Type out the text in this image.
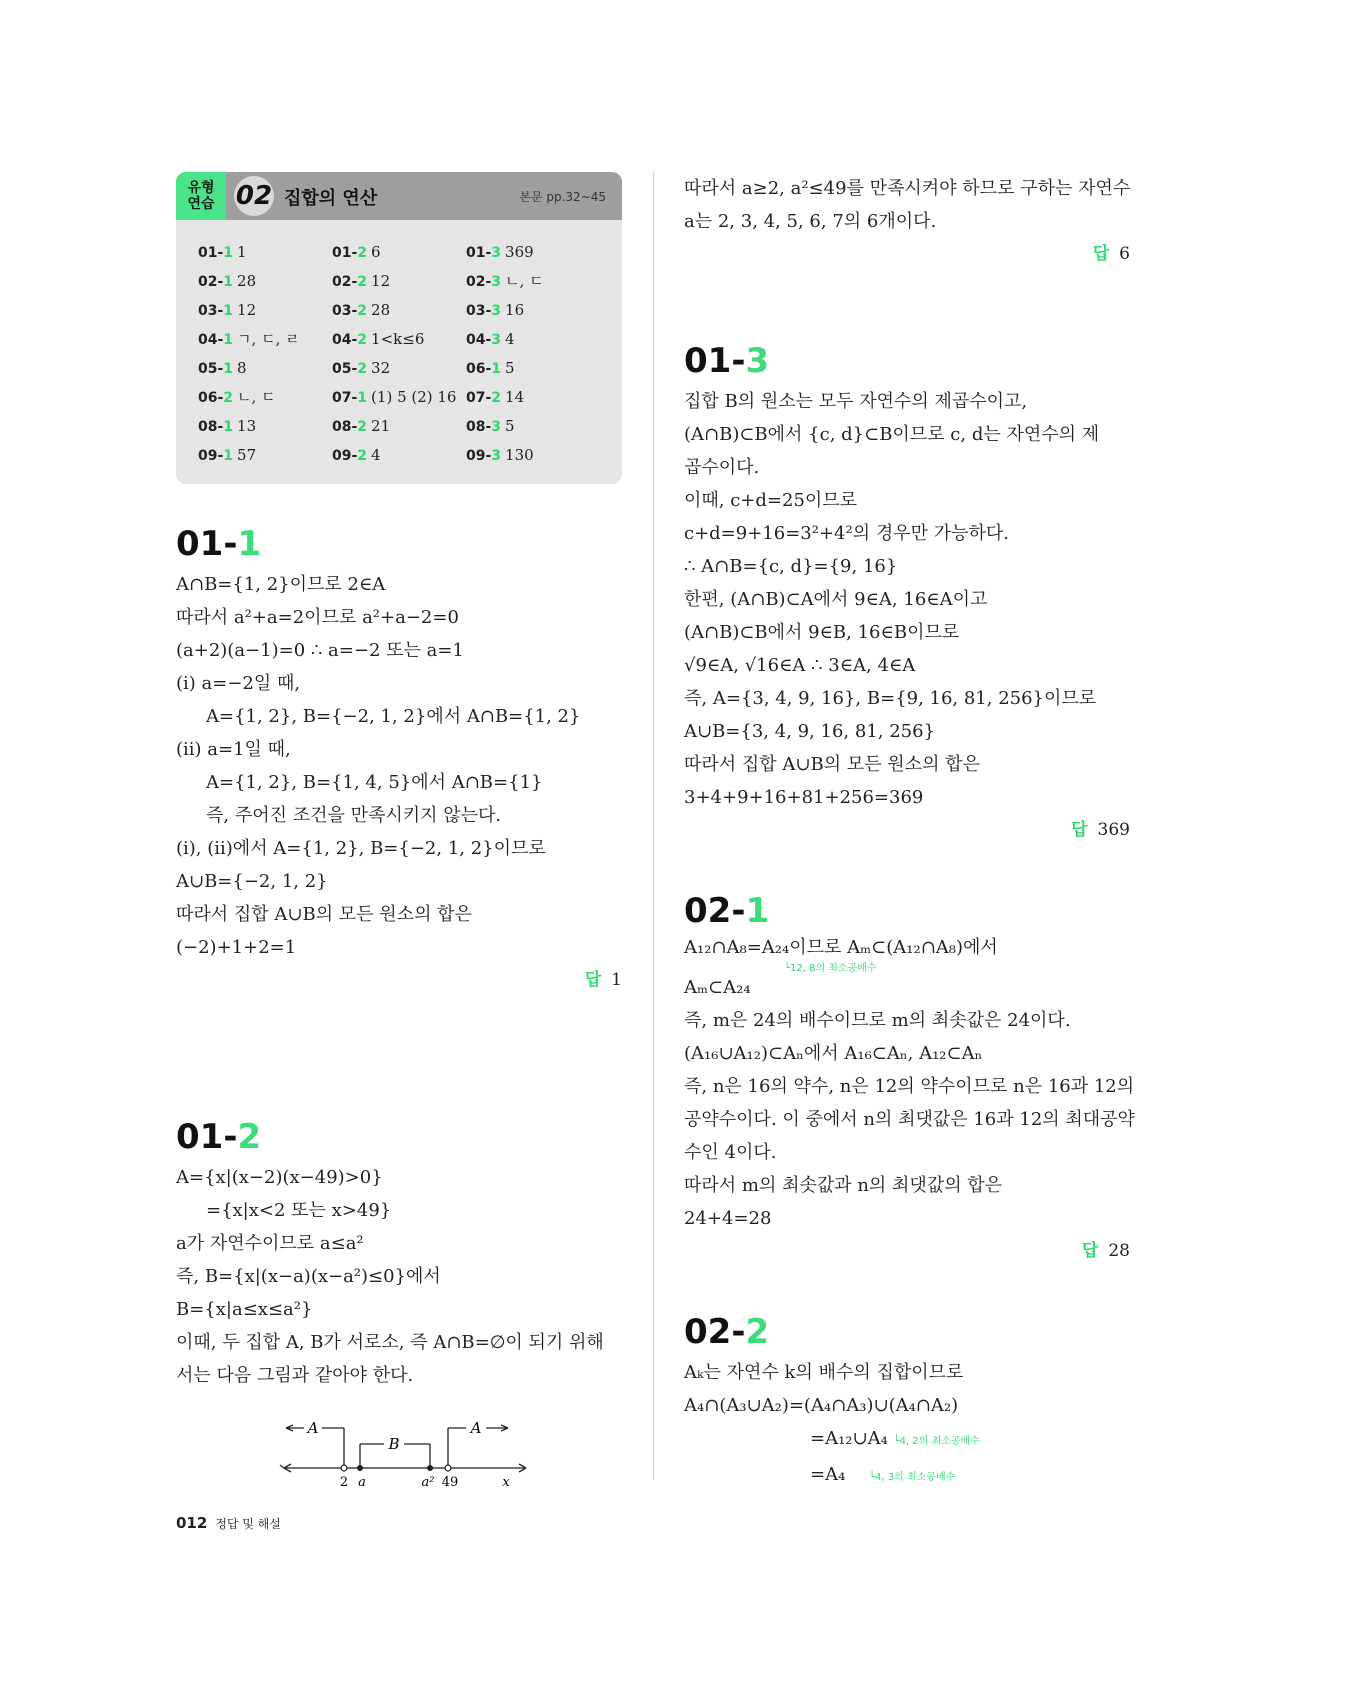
유형
연습 02 집합의 연산	본문 pp.32~45
01-1 1	01-2 6	01-3 369
02-1 28	02-2 12	02-3 ㄴ, ㄷ
03-1 12	03-2 28	03-3 16
04-1 ㄱ, ㄷ, ㄹ	04-2 1<k≤6	04-3 4
05-1 8	05-2 32	06-1 5
06-2 ㄴ, ㄷ	07-1 (1) 5 (2) 16 07-2 14
08-1 13	08-2 21	08-3 5
09-1 57	09-2 4	09-3 130
01-1
A∩B={1, 2}이므로 2∈A
따라서 a²+a=2이므로 a²+a−2=0
(a+2)(a−1)=0 ∴ a=−2 또는 a=1
(ⅰ) a=−2일 때,
A={1, 2}, B={−2, 1, 2}에서 A∩B={1, 2}
(ⅱ) a=1일 때,
A={1, 2}, B={1, 4, 5}에서 A∩B={1}
즉, 주어진 조건을 만족시키지 않는다.
(ⅰ), (ⅱ)에서 A={1, 2}, B={−2, 1, 2}이므로
A∪B={−2, 1, 2}
따라서 집합 A∪B의 모든 원소의 합은
(−2)+1+2=1
답 1
01-2
A={x|(x−2)(x−49)>0}
={x|x<2 또는 x>49}
a가 자연수이므로 a≤a²
즉, B={x|(x−a)(x−a²)≤0}에서
B={x|a≤x≤a²}
이때, 두 집합 A, B가 서로소, 즉 A∩B=∅이 되기 위해
서는 다음 그림과 같아야 한다.
A
B
A
2 a	a² 49	x
따라서 a≥2, a²≤49를 만족시켜야 하므로 구하는 자연수
a는 2, 3, 4, 5, 6, 7의 6개이다.
답 6
01-3
집합 B의 원소는 모두 자연수의 제곱수이고,
(A∩B)⊂B에서 {c, d}⊂B이므로 c, d는 자연수의 제
곱수이다.
이때, c+d=25이므로
c+d=9+16=3²+4²의 경우만 가능하다.
∴ A∩B={c, d}={9, 16}
한편, (A∩B)⊂A에서 9∈A, 16∈A이고
(A∩B)⊂B에서 9∈B, 16∈B이므로
√9∈A, √16∈A ∴ 3∈A, 4∈A
즉, A={3, 4, 9, 16}, B={9, 16, 81, 256}이므로
A∪B={3, 4, 9, 16, 81, 256}
따라서 집합 A∪B의 모든 원소의 합은
3+4+9+16+81+256=369
답 369
02-1
A₁₂∩A₈=A₂₄이므로 Aₘ⊂(A₁₂∩A₈)에서
└12, 8의 최소공배수
Aₘ⊂A₂₄
즉, m은 24의 배수이므로 m의 최솟값은 24이다.
(A₁₆∪A₁₂)⊂Aₙ에서 A₁₆⊂Aₙ, A₁₂⊂Aₙ
즉, n은 16의 약수, n은 12의 약수이므로 n은 16과 12의
공약수이다. 이 중에서 n의 최댓값은 16과 12의 최대공약
수인 4이다.
따라서 m의 최솟값과 n의 최댓값의 합은
24+4=28
답 28
02-2
Aₖ는 자연수 k의 배수의 집합이므로
A₄∩(A₃∪A₂)=(A₄∩A₃)∪(A₄∩A₂)
=A₁₂∪A₄ └4, 2의 최소공배수
=A₄ └4, 3의 최소공배수
012 정답 및 해설
